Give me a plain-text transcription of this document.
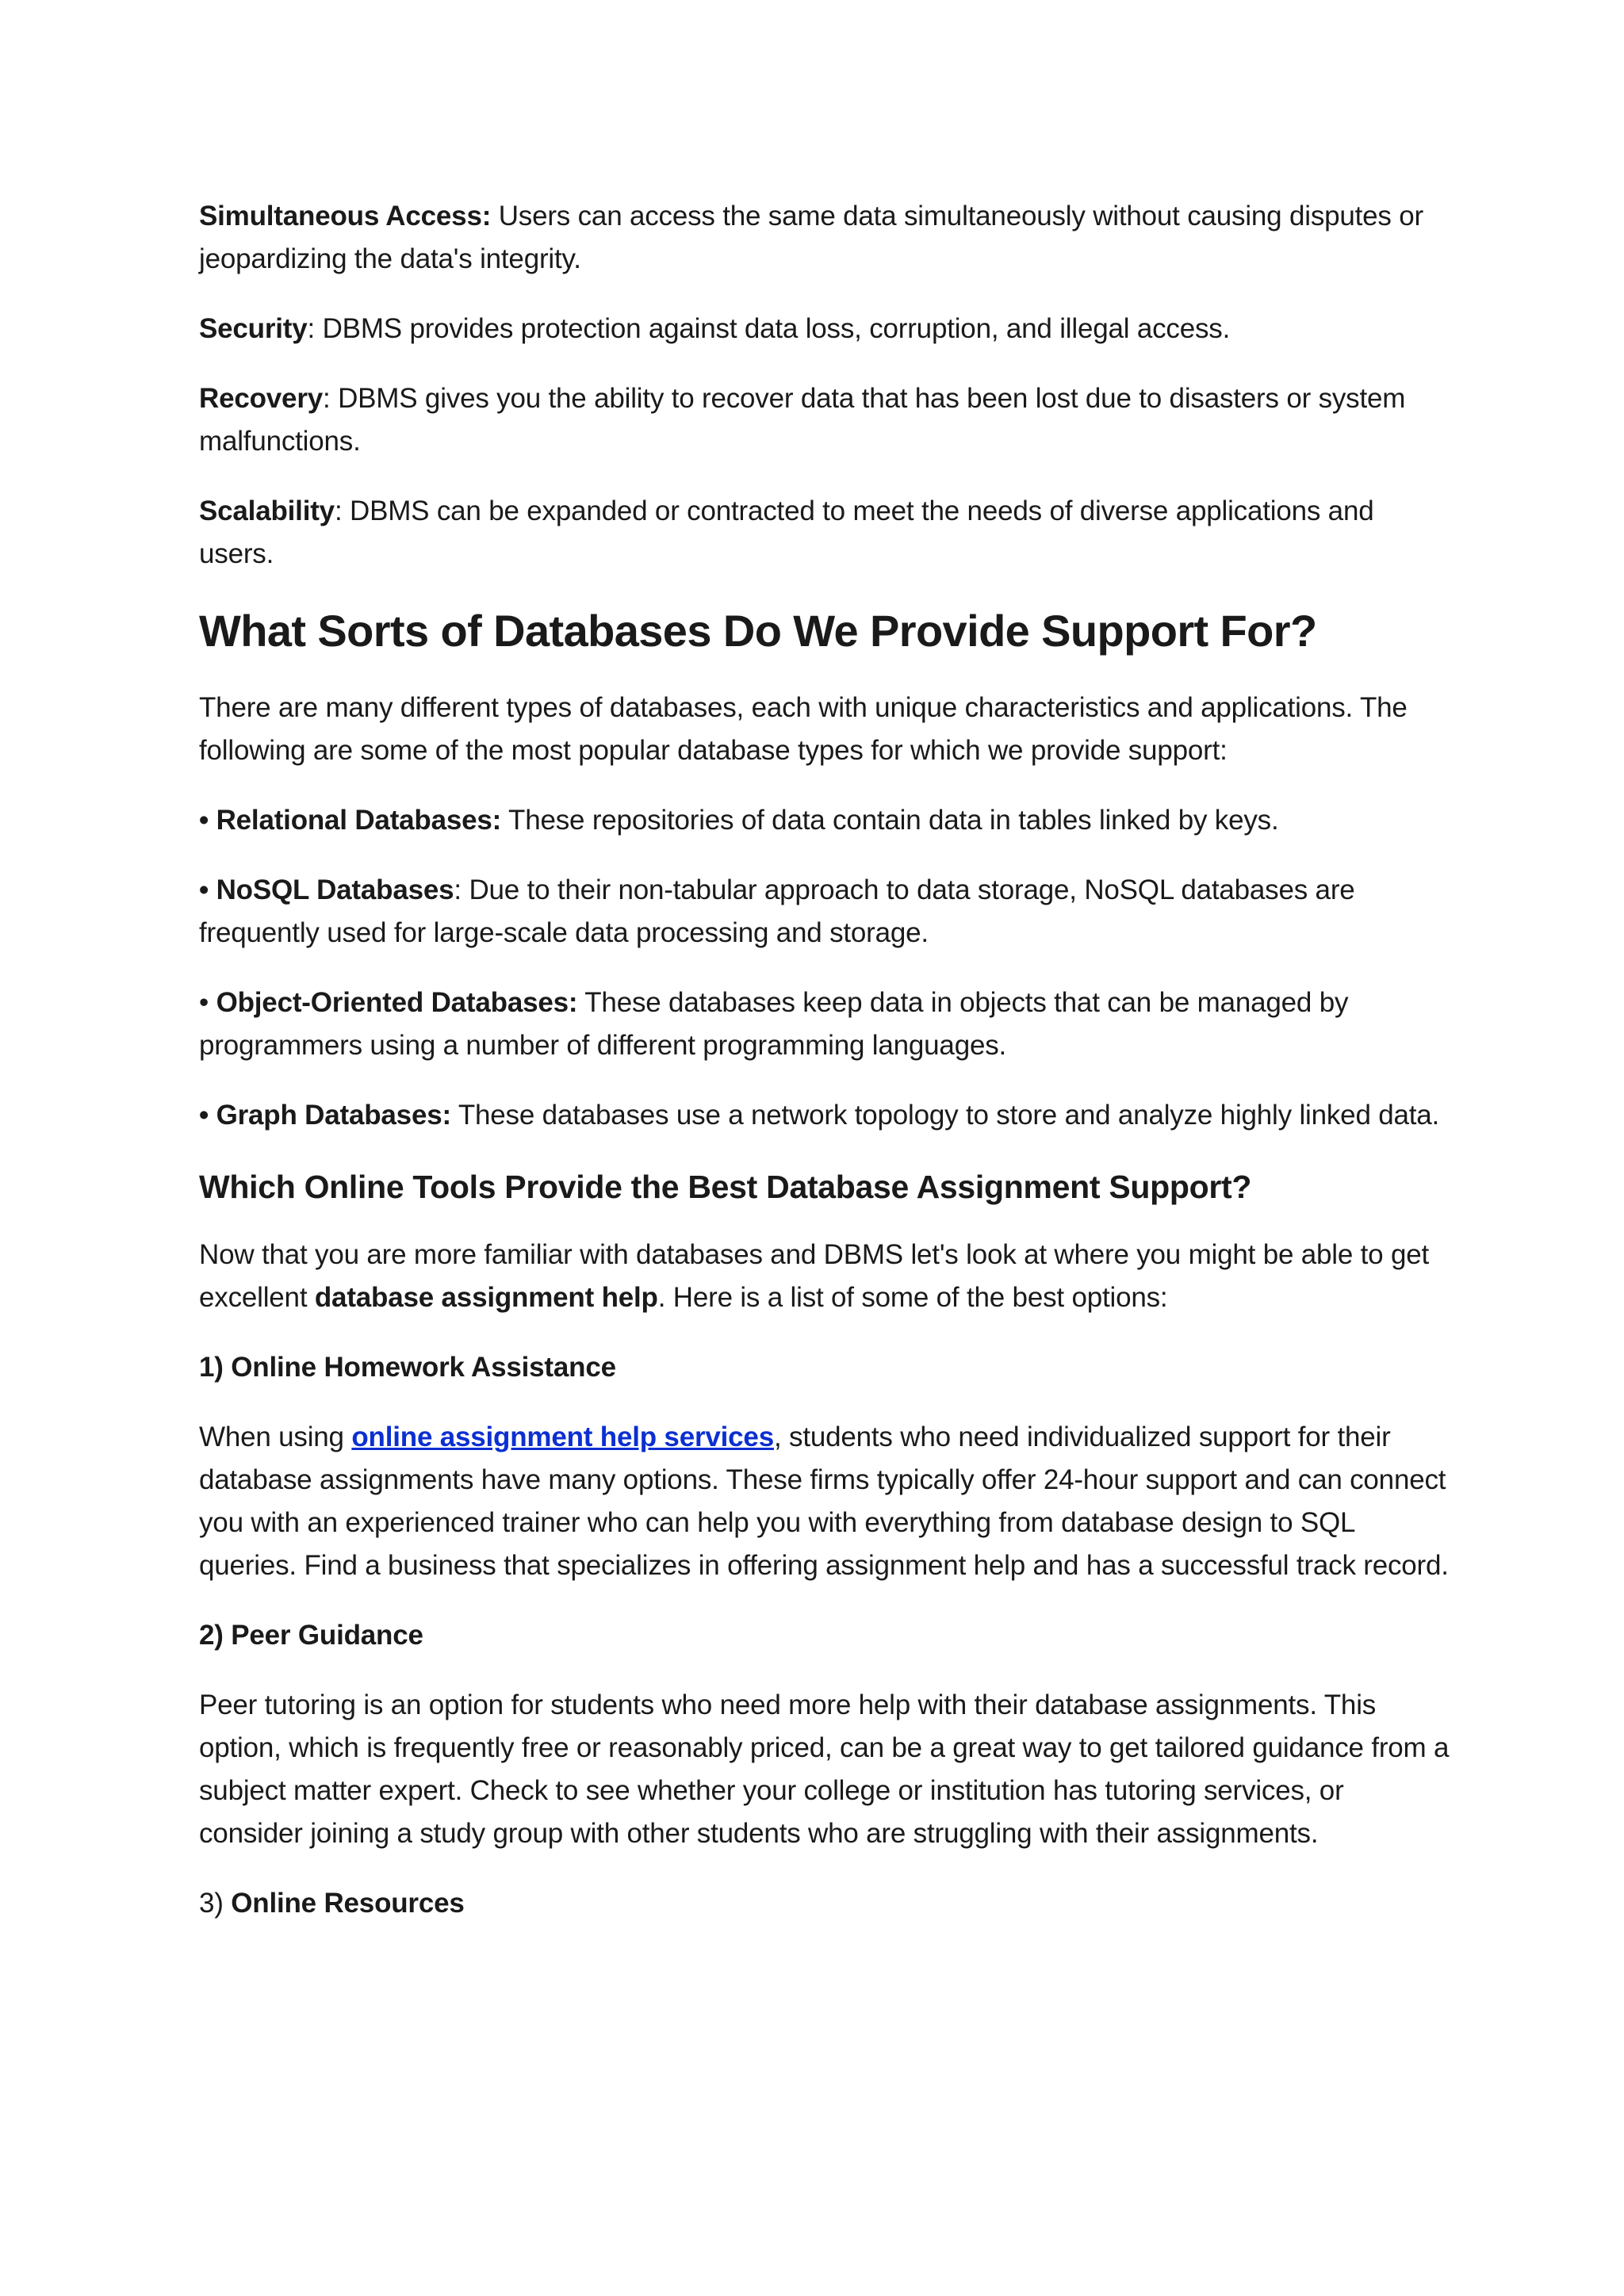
Simultaneous Access: Users can access the same data simultaneously without causing disputes or jeopardizing the data's integrity.

Security: DBMS provides protection against data loss, corruption, and illegal access.

Recovery: DBMS gives you the ability to recover data that has been lost due to disasters or system malfunctions.

Scalability: DBMS can be expanded or contracted to meet the needs of diverse applications and users.

What Sorts of Databases Do We Provide Support For?

There are many different types of databases, each with unique characteristics and applications. The following are some of the most popular database types for which we provide support:

• Relational Databases: These repositories of data contain data in tables linked by keys.

• NoSQL Databases: Due to their non-tabular approach to data storage, NoSQL databases are frequently used for large-scale data processing and storage.

• Object-Oriented Databases: These databases keep data in objects that can be managed by programmers using a number of different programming languages.

• Graph Databases: These databases use a network topology to store and analyze highly linked data.

Which Online Tools Provide the Best Database Assignment Support?

Now that you are more familiar with databases and DBMS let's look at where you might be able to get excellent database assignment help. Here is a list of some of the best options:

1) Online Homework Assistance

When using online assignment help services, students who need individualized support for their database assignments have many options. These firms typically offer 24-hour support and can connect you with an experienced trainer who can help you with everything from database design to SQL queries. Find a business that specializes in offering assignment help and has a successful track record.

2) Peer Guidance

Peer tutoring is an option for students who need more help with their database assignments. This option, which is frequently free or reasonably priced, can be a great way to get tailored guidance from a subject matter expert. Check to see whether your college or institution has tutoring services, or consider joining a study group with other students who are struggling with their assignments.

3) Online Resources
